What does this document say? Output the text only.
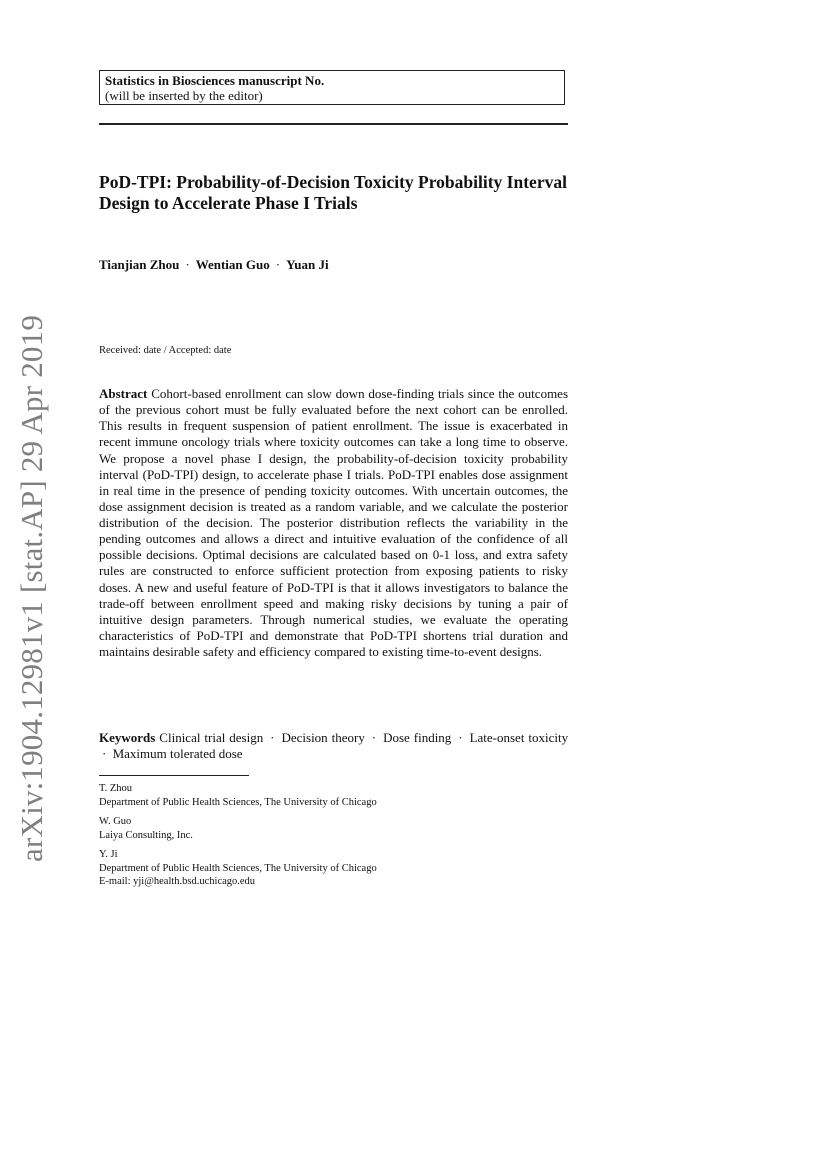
arXiv:1904.12981v1 [stat.AP] 29 Apr 2019
Statistics in Biosciences manuscript No.
(will be inserted by the editor)
PoD-TPI: Probability-of-Decision Toxicity Probability Interval Design to Accelerate Phase I Trials
Tianjian Zhou · Wentian Guo · Yuan Ji
Received: date / Accepted: date
Abstract Cohort-based enrollment can slow down dose-finding trials since the outcomes of the previous cohort must be fully evaluated before the next cohort can be enrolled. This results in frequent suspension of patient enrollment. The issue is exacerbated in recent immune oncology trials where toxicity outcomes can take a long time to observe. We propose a novel phase I design, the probability-of-decision toxicity probability interval (PoD-TPI) design, to accelerate phase I trials. PoD-TPI enables dose assignment in real time in the presence of pending toxicity outcomes. With uncertain outcomes, the dose assignment decision is treated as a random variable, and we calculate the posterior distribution of the decision. The posterior distribution reflects the variability in the pending outcomes and allows a direct and intuitive evaluation of the confidence of all possible decisions. Optimal decisions are calculated based on 0-1 loss, and extra safety rules are constructed to enforce sufficient protection from exposing patients to risky doses. A new and useful feature of PoD-TPI is that it allows investigators to balance the trade-off between enrollment speed and making risky decisions by tuning a pair of intuitive design parameters. Through numerical studies, we evaluate the operating characteristics of PoD-TPI and demonstrate that PoD-TPI shortens trial duration and maintains desirable safety and efficiency compared to existing time-to-event designs.
Keywords Clinical trial design · Decision theory · Dose finding · Late-onset toxicity · Maximum tolerated dose
T. Zhou
Department of Public Health Sciences, The University of Chicago
W. Guo
Laiya Consulting, Inc.
Y. Ji
Department of Public Health Sciences, The University of Chicago
E-mail: yji@health.bsd.uchicago.edu
